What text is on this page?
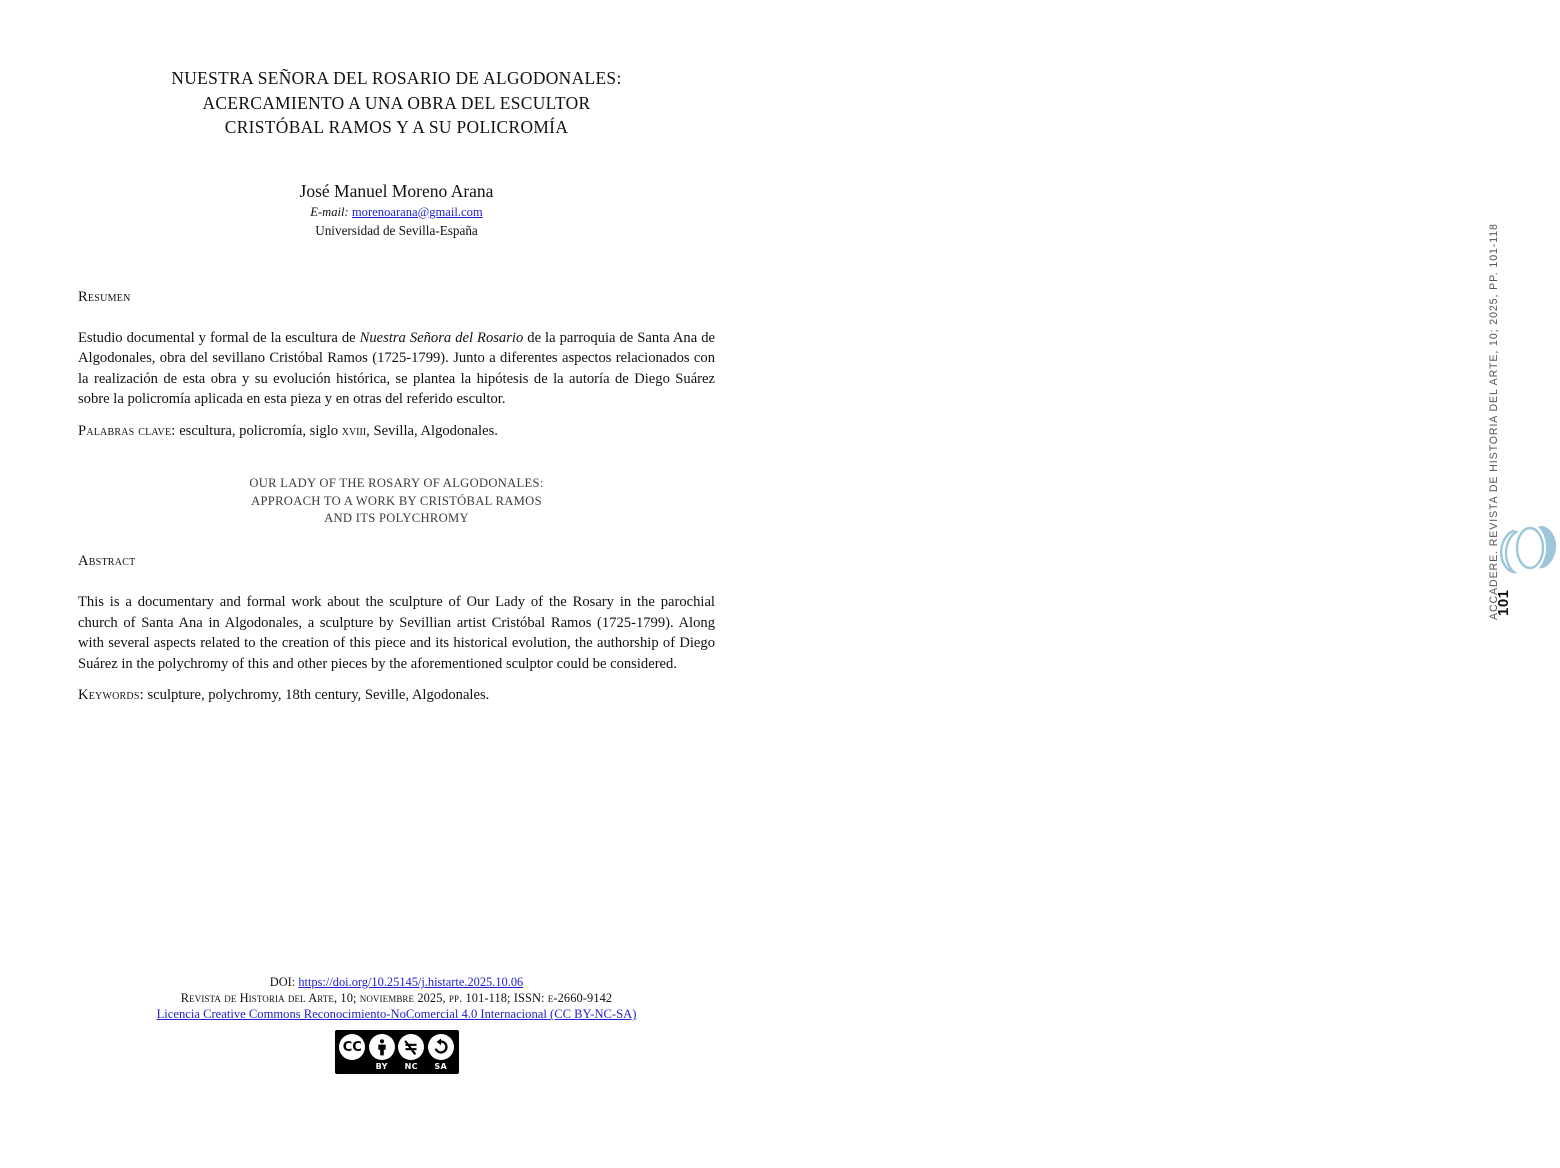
NUESTRA SEÑORA DEL ROSARIO DE ALGODONALES:
ACERCAMIENTO A UNA OBRA DEL ESCULTOR
CRISTÓBAL RAMOS Y A SU POLICROMÍA
José Manuel Moreno Arana
E-mail: morenoarana@gmail.com
Universidad de Sevilla-España
Resumen
Estudio documental y formal de la escultura de Nuestra Señora del Rosario de la parroquia de Santa Ana de Algodonales, obra del sevillano Cristóbal Ramos (1725-1799). Junto a diferentes aspectos relacionados con la realización de esta obra y su evolución histórica, se plantea la hipótesis de la autoría de Diego Suárez sobre la policromía aplicada en esta pieza y en otras del referido escultor.
Palabras clave: escultura, policromía, siglo xviii, Sevilla, Algodonales.
OUR LADY OF THE ROSARY OF ALGODONALES:
APPROACH TO A WORK BY CRISTÓBAL RAMOS
AND ITS POLYCHROMY
Abstract
This is a documentary and formal work about the sculpture of Our Lady of the Rosary in the parochial church of Santa Ana in Algodonales, a sculpture by Sevillian artist Cristóbal Ramos (1725-1799). Along with several aspects related to the creation of this piece and its historical evolution, the authorship of Diego Suárez in the polychromy of this and other pieces by the aforementioned sculptor could be considered.
Keywords: sculpture, polychromy, 18th century, Seville, Algodonales.
DOI: https://doi.org/10.25145/j.histarte.2025.10.06
Revista de Historia del Arte, 10; noviembre 2025, pp. 101-118; ISSN: e-2660-9142
Licencia Creative Commons Reconocimiento-NoComercial 4.0 Internacional (CC BY-NC-SA)
CC
BY	NC	SA
101
ACCADERE. REVISTA DE HISTORIA DEL ARTE, 10; 2025, PP. 101-118
